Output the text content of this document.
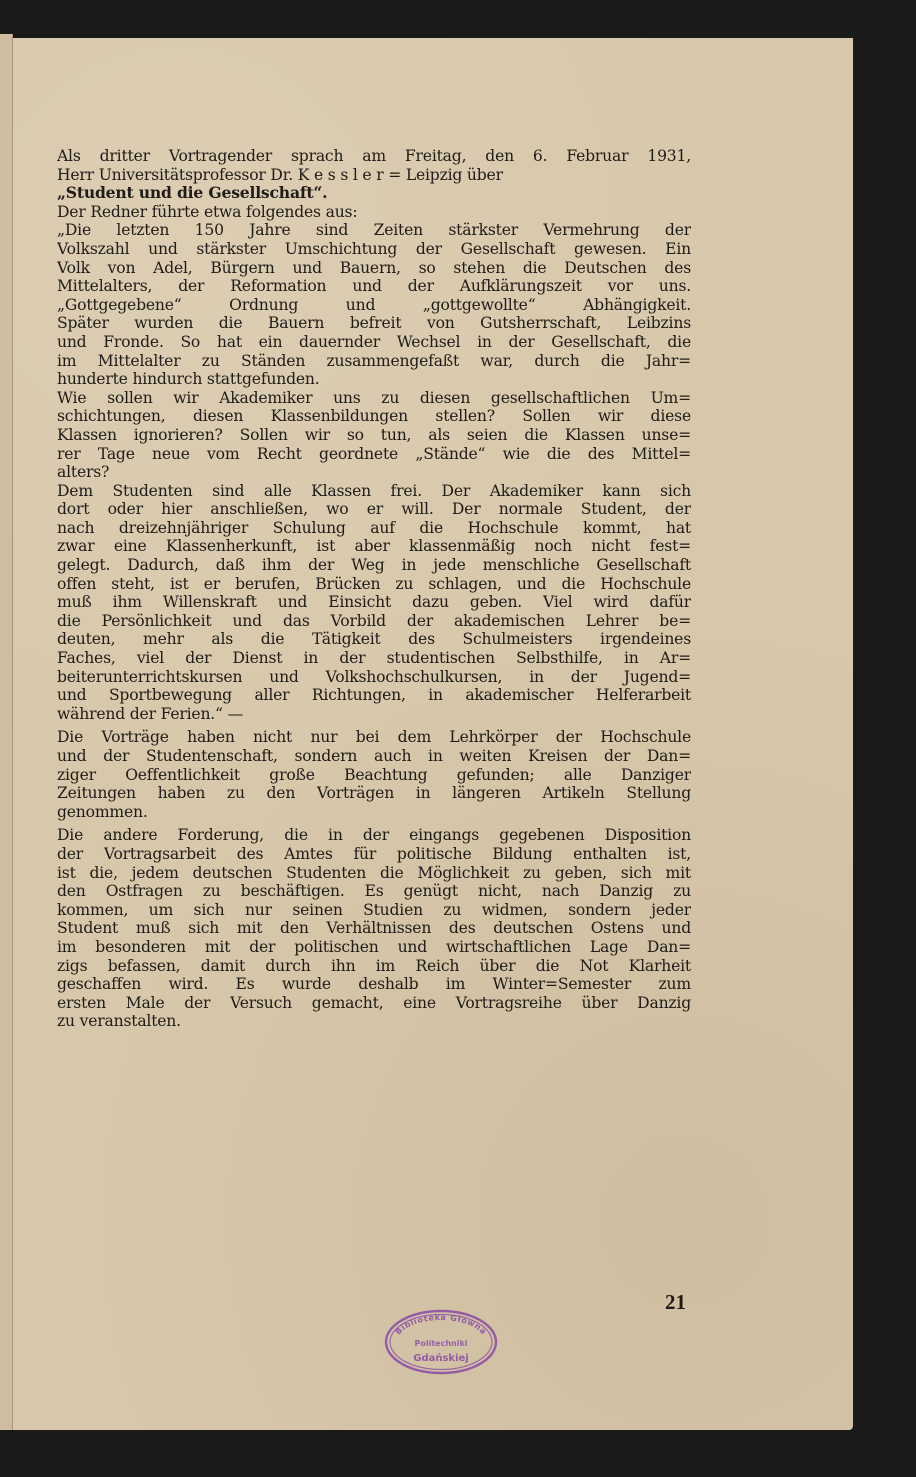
Als dritter Vortragender sprach am Freitag, den 6. Februar 1931,
Herr Universitätsprofessor Dr. K e s s l e r = Leipzig über
„Student und die Gesellschaft“.
Der Redner führte etwa folgendes aus:
„Die letzten 150 Jahre sind Zeiten stärkster Vermehrung der
Volkszahl und stärkster Umschichtung der Gesellschaft gewesen. Ein
Volk von Adel, Bürgern und Bauern, so stehen die Deutschen des
Mittelalters, der Reformation und der Aufklärungszeit vor uns.
„Gottgegebene“ Ordnung und „gottgewollte“ Abhängigkeit.
Später wurden die Bauern befreit von Gutsherrschaft, Leibzins
und Fronde. So hat ein dauernder Wechsel in der Gesellschaft, die
im Mittelalter zu Ständen zusammengefaßt war, durch die Jahr=
hunderte hindurch stattgefunden.
Wie sollen wir Akademiker uns zu diesen gesellschaftlichen Um=
schichtungen, diesen Klassenbildungen stellen? Sollen wir diese
Klassen ignorieren? Sollen wir so tun, als seien die Klassen unse=
rer Tage neue vom Recht geordnete „Stände“ wie die des Mittel=
alters?
Dem Studenten sind alle Klassen frei. Der Akademiker kann sich
dort oder hier anschließen, wo er will. Der normale Student, der
nach dreizehnjähriger Schulung auf die Hochschule kommt, hat
zwar eine Klassenherkunft, ist aber klassenmäßig noch nicht fest=
gelegt. Dadurch, daß ihm der Weg in jede menschliche Gesellschaft
offen steht, ist er berufen, Brücken zu schlagen, und die Hochschule
muß ihm Willenskraft und Einsicht dazu geben. Viel wird dafür
die Persönlichkeit und das Vorbild der akademischen Lehrer be=
deuten, mehr als die Tätigkeit des Schulmeisters irgendeines
Faches, viel der Dienst in der studentischen Selbsthilfe, in Ar=
beiterunterrichtskursen und Volkshochschulkursen, in der Jugend=
und Sportbewegung aller Richtungen, in akademischer Helferarbeit
während der Ferien.“ —
Die Vorträge haben nicht nur bei dem Lehrkörper der Hochschule
und der Studentenschaft, sondern auch in weiten Kreisen der Dan=
ziger Oeffentlichkeit große Beachtung gefunden; alle Danziger
Zeitungen haben zu den Vorträgen in längeren Artikeln Stellung
genommen.
Die andere Forderung, die in der eingangs gegebenen Disposition
der Vortragsarbeit des Amtes für politische Bildung enthalten ist,
ist die, jedem deutschen Studenten die Möglichkeit zu geben, sich mit
den Ostfragen zu beschäftigen. Es genügt nicht, nach Danzig zu
kommen, um sich nur seinen Studien zu widmen, sondern jeder
Student muß sich mit den Verhältnissen des deutschen Ostens und
im besonderen mit der politischen und wirtschaftlichen Lage Dan=
zigs befassen, damit durch ihn im Reich über die Not Klarheit
geschaffen wird. Es wurde deshalb im Winter=Semester zum
ersten Male der Versuch gemacht, eine Vortragsreihe über Danzig
zu veranstalten.
21
Biblioteka Główna
Politechniki
Gdańskiej
